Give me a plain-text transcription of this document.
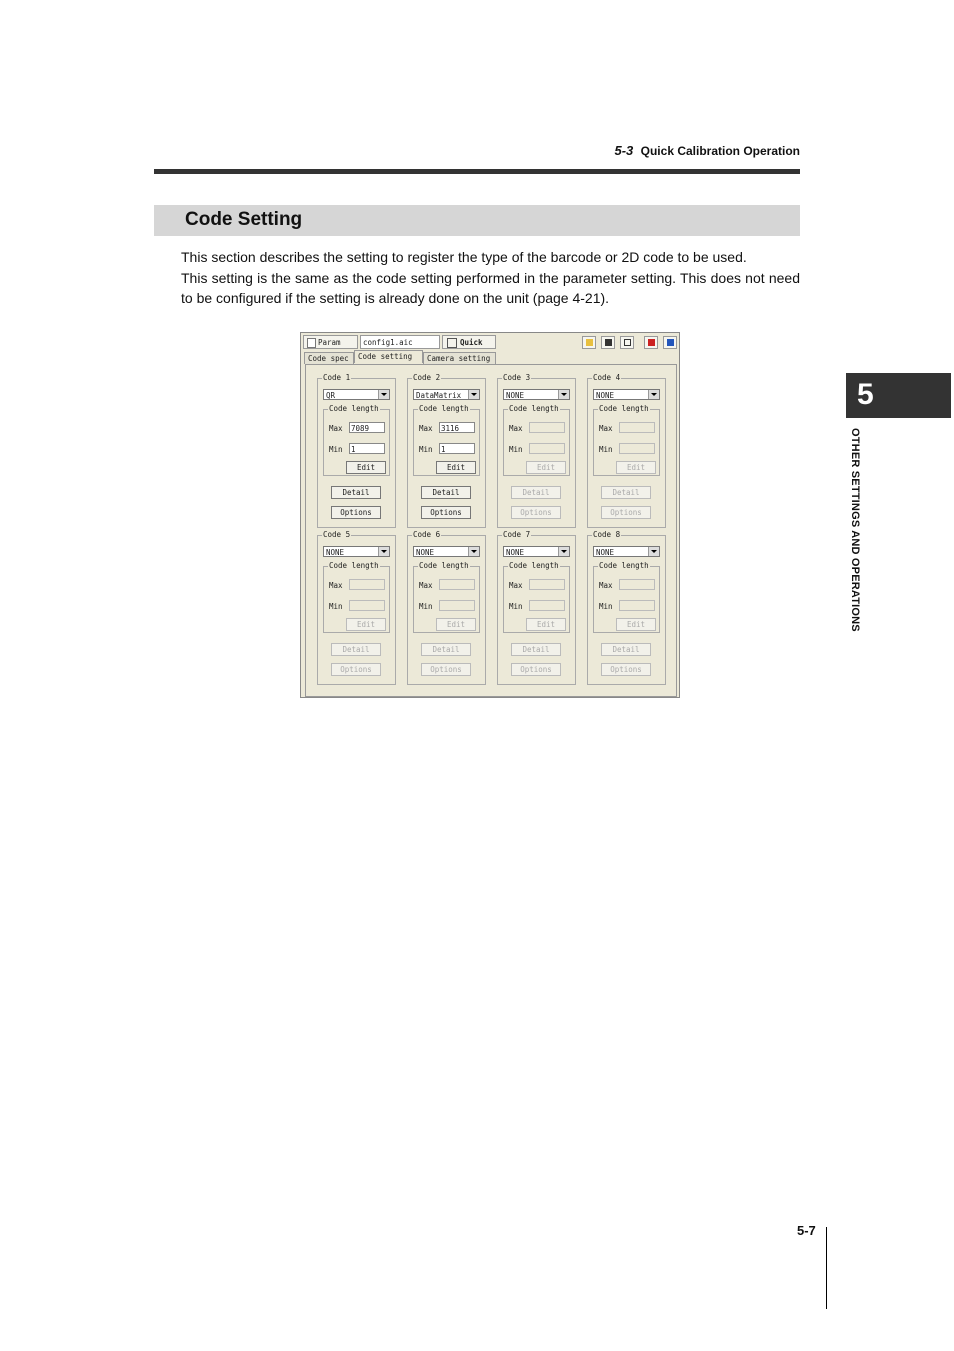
5-3 Quick Calibration Operation
Code Setting

This section describes the setting to register the type of the barcode or 2D code to be used.

This setting is the same as the code setting performed in the parameter setting. This does not need to be configured if the setting is already done on the unit (page 4-21).

5
OTHER SETTINGS AND OPERATIONS
5-7
Param	config1.aic	Quick
Code spec	Code setting	Camera setting
Code 1
QR
Code length
Max 7089
Min 1
Edit
Detail
Options
Code 2
DataMatrix
Code length
Max 3116
Min 1
Edit
Detail
Options
Code 3
NONE
Code length
Max
Min
Edit
Detail
Options
Code 4
NONE
Code length
Max
Min
Edit
Detail
Options
Code 5
NONE
Code length
Max
Min
Edit
Detail
Options
Code 6
NONE
Code length
Max
Min
Edit
Detail
Options
Code 7
NONE
Code length
Max
Min
Edit
Detail
Options
Code 8
NONE
Code length
Max
Min
Edit
Detail
Options
